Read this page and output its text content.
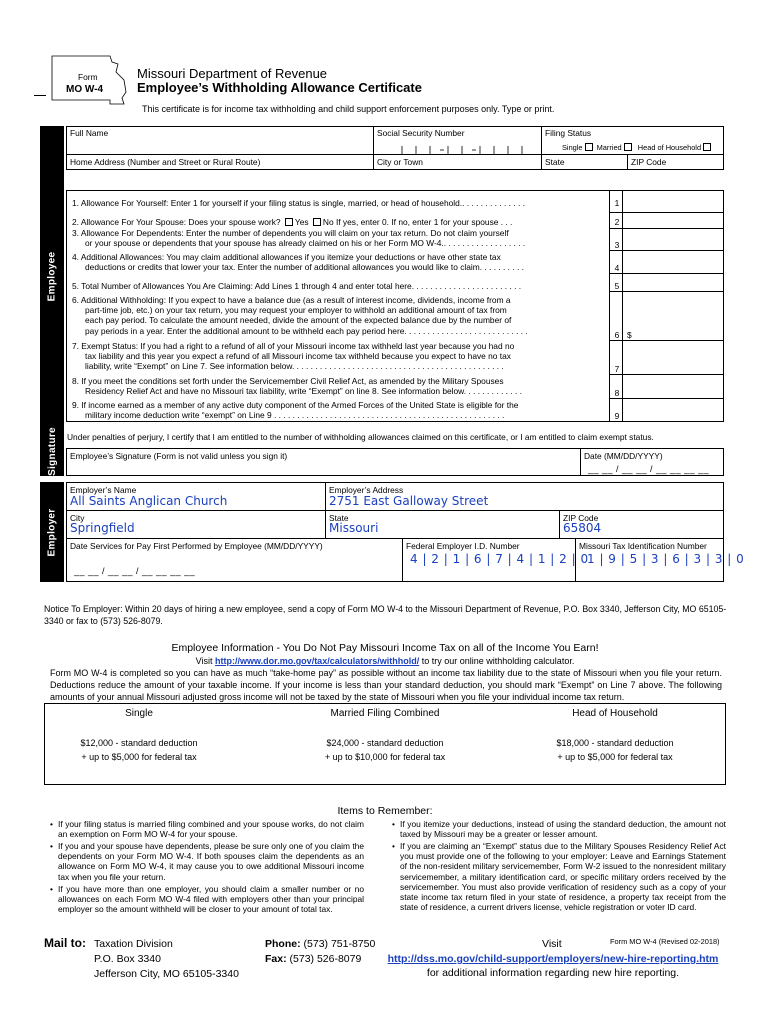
Form
MO W-4
Missouri Department of Revenue
Employee’s Withholding Allowance Certificate
This certificate is for income tax withholding and child support enforcement purposes only. Type or print.
Employee
Full Name	Social Security Number	Filing Status
Single Married Head of Household
Home Address (Number and Street or Rural Route)	City or Town	State	ZIP Code
1. Allowance For Yourself: Enter 1 for yourself if your filing status is single, married, or head of household.. . . . . . . . . . . . . .	1
2. Allowance For Your Spouse: Does your spouse work? Yes No If yes, enter 0. If no, enter 1 for your spouse . . .	2
3. Allowance For Dependents: Enter the number of dependents you will claim on your tax return. Do not claim yourself
or your spouse or dependents that your spouse has already claimed on his or her Form MO W-4.. . . . . . . . . . . . . . . . . .	3
4. Additional Allowances: You may claim additional allowances if you itemize your deductions or have other state tax
deductions or credits that lower your tax. Enter the number of additional allowances you would like to claim. . . . . . . . . .	4
5. Total Number of Allowances You Are Claiming: Add Lines 1 through 4 and enter total here. . . . . . . . . . . . . . . . . . . . . . . .	5
6. Additional Withholding: If you expect to have a balance due (as a result of interest income, dividends, income from a
part-time job, etc.) on your tax return, you may request your employer to withhold an additional amount of tax from
each pay period. To calculate the amount needed, divide the amount of the expected balance due by the number of
pay periods in a year. Enter the additional amount to be withheld each pay period here. . . . . . . . . . . . . . . . . . . . . . . . . . .	6 $
7. Exempt Status: If you had a right to a refund of all of your Missouri income tax withheld last year because you had no
tax liability and this year you expect a refund of all Missouri income tax withheld because you expect to have no tax
liability, write “Exempt” on Line 7. See information below. . . . . . . . . . . . . . . . . . . . . . . . . . . . . . . . . . . . . . . . . . . . . .	7
8. If you meet the conditions set forth under the Servicemember Civil Relief Act, as amended by the Military Spouses
Residency Relief Act and have no Missouri tax liability, write “Exempt” on line 8. See information below. . . . . . . . . . . . .	8
9. If income earned as a member of any active duty component of the Armed Forces of the United State is eligible for the
military income deduction write “exempt” on Line 9 . . . . . . . . . . . . . . . . . . . . . . . . . . . . . . . . . . . . . . . . . . . . . . . . . .	9
Signature Under penalties of perjury, I certify that I am entitled to the number of withholding allowances claimed on this certificate, or I am entitled to claim exempt status.
Employee’s Signature (Form is not valid unless you sign it)	Date (MM/DD/YYYY)
__ __ / __ __ / __ __ __ __
Employer
Employer’s Name
All Saints Anglican Church
Employer’s Address
2751 East Galloway Street
City
Springfield
State
Missouri
ZIP Code
65804
Date Services for Pay First Performed by Employee (MM/DD/YYYY)
__ __ / __ __ / __ __ __ __
Federal Employer I.D. Number
4 | 2 | 1 | 6 | 7 | 4 | 1 | 2 | 0
Missouri Tax Identification Number
1 | 9 | 5 | 3 | 6 | 3 | 3 | 0
Notice To Employer: Within 20 days of hiring a new employee, send a copy of Form MO W-4 to the Missouri Department of Revenue, P.O. Box 3340, Jefferson City, MO 65105-3340 or fax to (573) 526-8079.
Employee Information - You Do Not Pay Missouri Income Tax on all of the Income You Earn!
Visit http://www.dor.mo.gov/tax/calculators/withhold/ to try our online withholding calculator.
Form MO W-4 is completed so you can have as much “take-home pay” as possible without an income tax liability due to the state of Missouri when you file your return. Deductions reduce the amount of your taxable income. If your income is less than your standard deduction, you should mark “Exempt” on Line 7 above. The following amounts of your annual Missouri adjusted gross income will not be taxed by the state of Missouri when you file your individual income tax return.
Single
$12,000 - standard deduction
+ up to $5,000 for federal tax
Married Filing Combined
$24,000 - standard deduction
+ up to $10,000 for federal tax
Head of Household
$18,000 - standard deduction
+ up to $5,000 for federal tax
Items to Remember:
• If your filing status is married filing combined and your spouse works, do not claim an exemption on Form MO W-4 for your spouse.
• If you and your spouse have dependents, please be sure only one of you claim the dependents on your Form MO W-4. If both spouses claim the dependents as an allowance on Form MO W-4, it may cause you to owe additional Missouri income tax when you file your return.
• If you have more than one employer, you should claim a smaller number or no allowances on each Form MO W-4 filed with employers other than your principal employer so the amount withheld will be closer to your amount of total tax.
• If you itemize your deductions, instead of using the standard deduction, the amount not taxed by Missouri may be a greater or lesser amount.
• If you are claiming an “Exempt” status due to the Military Spouses Residency Relief Act you must provide one of the following to your employer: Leave and Earnings Statement of the non-resident military servicemember, Form W-2 issued to the nonresident military servicemember, a military identification card, or specific military orders received by the servicemember. You must also provide verification of residency such as a copy of your state income tax return filed in your state of residence, a property tax receipt from the state of residence, a current drivers license, vehicle registration or voter ID card.
Mail to: Taxation Division
P.O. Box 3340
Jefferson City, MO 65105-3340
Phone: (573) 751-8750
Fax: (573) 526-8079
Form MO W-4 (Revised 02-2018)
Visit
http://dss.mo.gov/child-support/employers/new-hire-reporting.htm
for additional information regarding new hire reporting.
